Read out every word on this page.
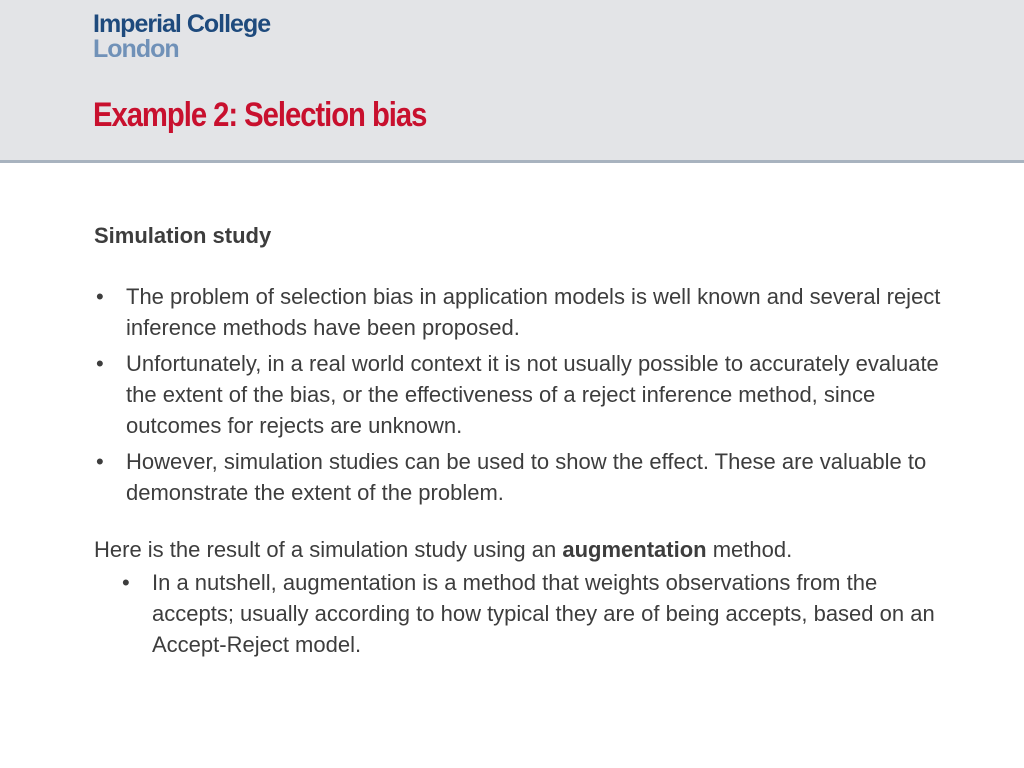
Imperial College
London
Example 2: Selection bias

Simulation study

• The problem of selection bias in application models is well known and several reject inference methods have been proposed.
• Unfortunately, in a real world context it is not usually possible to accurately evaluate the extent of the bias, or the effectiveness of a reject inference method, since outcomes for rejects are unknown.
• However, simulation studies can be used to show the effect. These are valuable to demonstrate the extent of the problem.

Here is the result of a simulation study using an augmentation method.

• In a nutshell, augmentation is a method that weights observations from the accepts; usually according to how typical they are of being accepts, based on an Accept-Reject model.
